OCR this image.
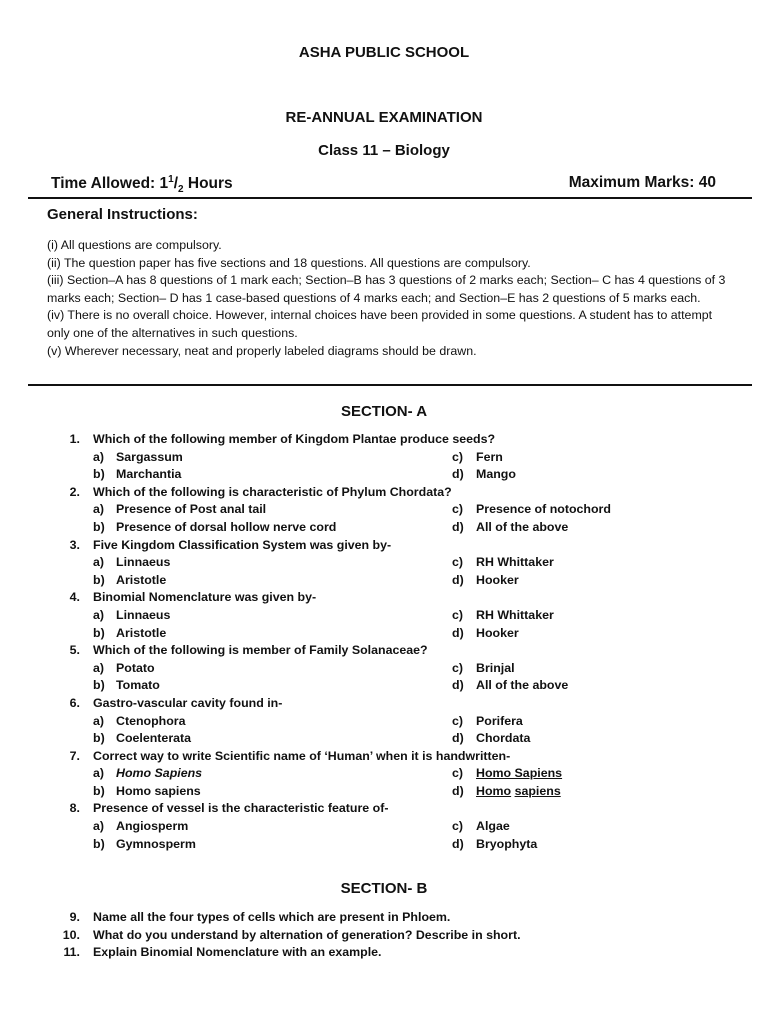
ASHA PUBLIC SCHOOL
RE-ANNUAL EXAMINATION
Class 11 – Biology
Time Allowed: $1^1/_2$ Hours	Maximum Marks: 40
General Instructions:
(i) All questions are compulsory.
(ii) The question paper has five sections and 18 questions. All questions are compulsory.
(iii) Section–A has 8 questions of 1 mark each; Section–B has 3 questions of 2 marks each; Section– C has 4 questions of 3 marks each; Section– D has 1 case-based questions of 4 marks each; and Section–E has 2 questions of 5 marks each.
(iv) There is no overall choice. However, internal choices have been provided in some questions. A student has to attempt only one of the alternatives in such questions.
(v) Wherever necessary, neat and properly labeled diagrams should be drawn.
SECTION- A
1. Which of the following member of Kingdom Plantae produce seeds?
a) Sargassum	c) Fern
b) Marchantia	d) Mango
2. Which of the following is characteristic of Phylum Chordata?
a) Presence of Post anal tail	c) Presence of notochord
b) Presence of dorsal hollow nerve cord	d) All of the above
3. Five Kingdom Classification System was given by-
a) Linnaeus	c) RH Whittaker
b) Aristotle	d) Hooker
4. Binomial Nomenclature was given by-
a) Linnaeus	c) RH Whittaker
b) Aristotle	d) Hooker
5. Which of the following is member of Family Solanaceae?
a) Potato	c) Brinjal
b) Tomato	d) All of the above
6. Gastro-vascular cavity found in-
a) Ctenophora	c) Porifera
b) Coelenterata	d) Chordata
7. Correct way to write Scientific name of ‘Human’ when it is handwritten-
a) Homo Sapiens	c) Homo Sapiens
b) Homo sapiens	d) Homo sapiens
8. Presence of vessel is the characteristic feature of-
a) Angiosperm	c) Algae
b) Gymnosperm	d) Bryophyta
SECTION- B
9. Name all the four types of cells which are present in Phloem.
10. What do you understand by alternation of generation? Describe in short.
11. Explain Binomial Nomenclature with an example.
